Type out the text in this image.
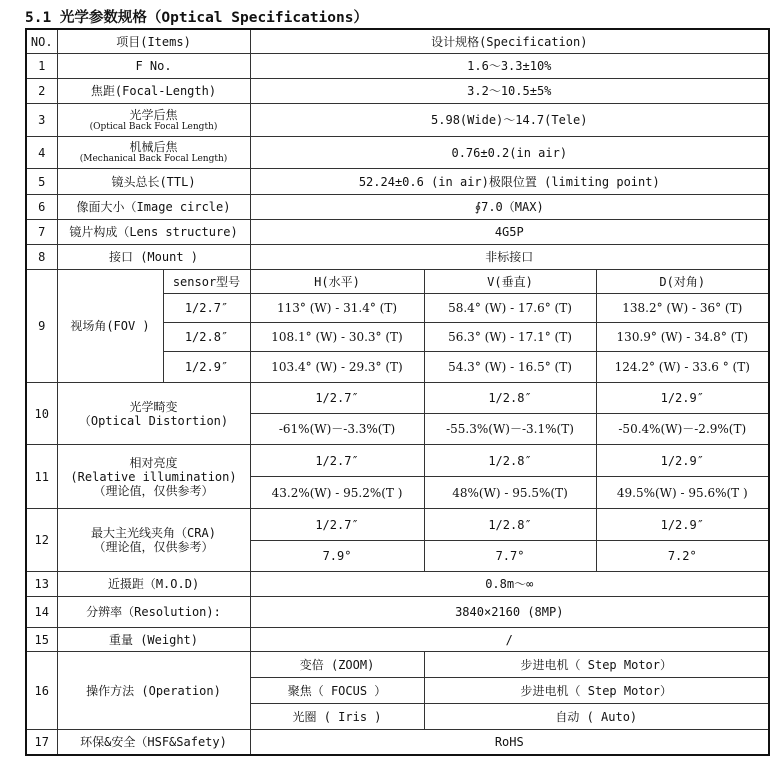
5.1 光学参数规格（Optical Specifications）
NO.	项目(Items)		设计规格(Specification)		
1	F No.		1.6～3.3±10%		
2	焦距(Focal-Length)		3.2～10.5±5%		
3	光学后焦
(Optical Back Focal Length)		5.98(Wide)～14.7(Tele)		
4	机械后焦
(Mechanical Back Focal Length)		0.76±0.2(in air)		
5	镜头总长(TTL)		52.24±0.6 (in air)极限位置 (limiting point)		
6	像面大小（Image circle)		∮7.0（MAX)		
7	镜片构成（Lens structure)		4G5P		
8	接口 (Mount )		非标接口		
9	视场角(FOV )	sensor型号	H(水平)	V(垂直)	D(对角)
		1/2.7″	113° (W) - 31.4° (T)	58.4° (W) - 17.6° (T)	138.2° (W) - 36° (T)
		1/2.8″	108.1° (W) - 30.3° (T)	56.3° (W) - 17.1° (T)	130.9° (W) - 34.8° (T)
		1/2.9″	103.4° (W) - 29.3° (T)	54.3° (W) - 16.5° (T)	124.2° (W) - 33.6 ° (T)
10	光学畸变
（Optical Distortion)		1/2.7″	1/2.8″	1/2.9″
			-61%(W)－-3.3%(T)	-55.3%(W)－-3.1%(T)	-50.4%(W)－-2.9%(T)
11	相对亮度
(Relative illumination)
（理论值，仅供参考）		1/2.7″	1/2.8″	1/2.9″
			43.2%(W) - 95.2%(T )	48%(W) - 95.5%(T)	49.5%(W) - 95.6%(T )
12	最大主光线夹角（CRA)
（理论值，仅供参考）		1/2.7″	1/2.8″	1/2.9″
			7.9°	7.7°	7.2°
13	近摄距（M.O.D)		0.8m～∞		
14	分辨率（Resolution):		3840×2160 (8MP)		
15	重量 (Weight)		/		
16	操作方法 (Operation)		变倍 (ZOOM)	步进电机（ Step Motor）	
			聚焦（ FOCUS ）	步进电机（ Step Motor）	
			光圈 ( Iris )	自动 ( Auto)	
17	环保&安全（HSF&Safety)		RoHS		
